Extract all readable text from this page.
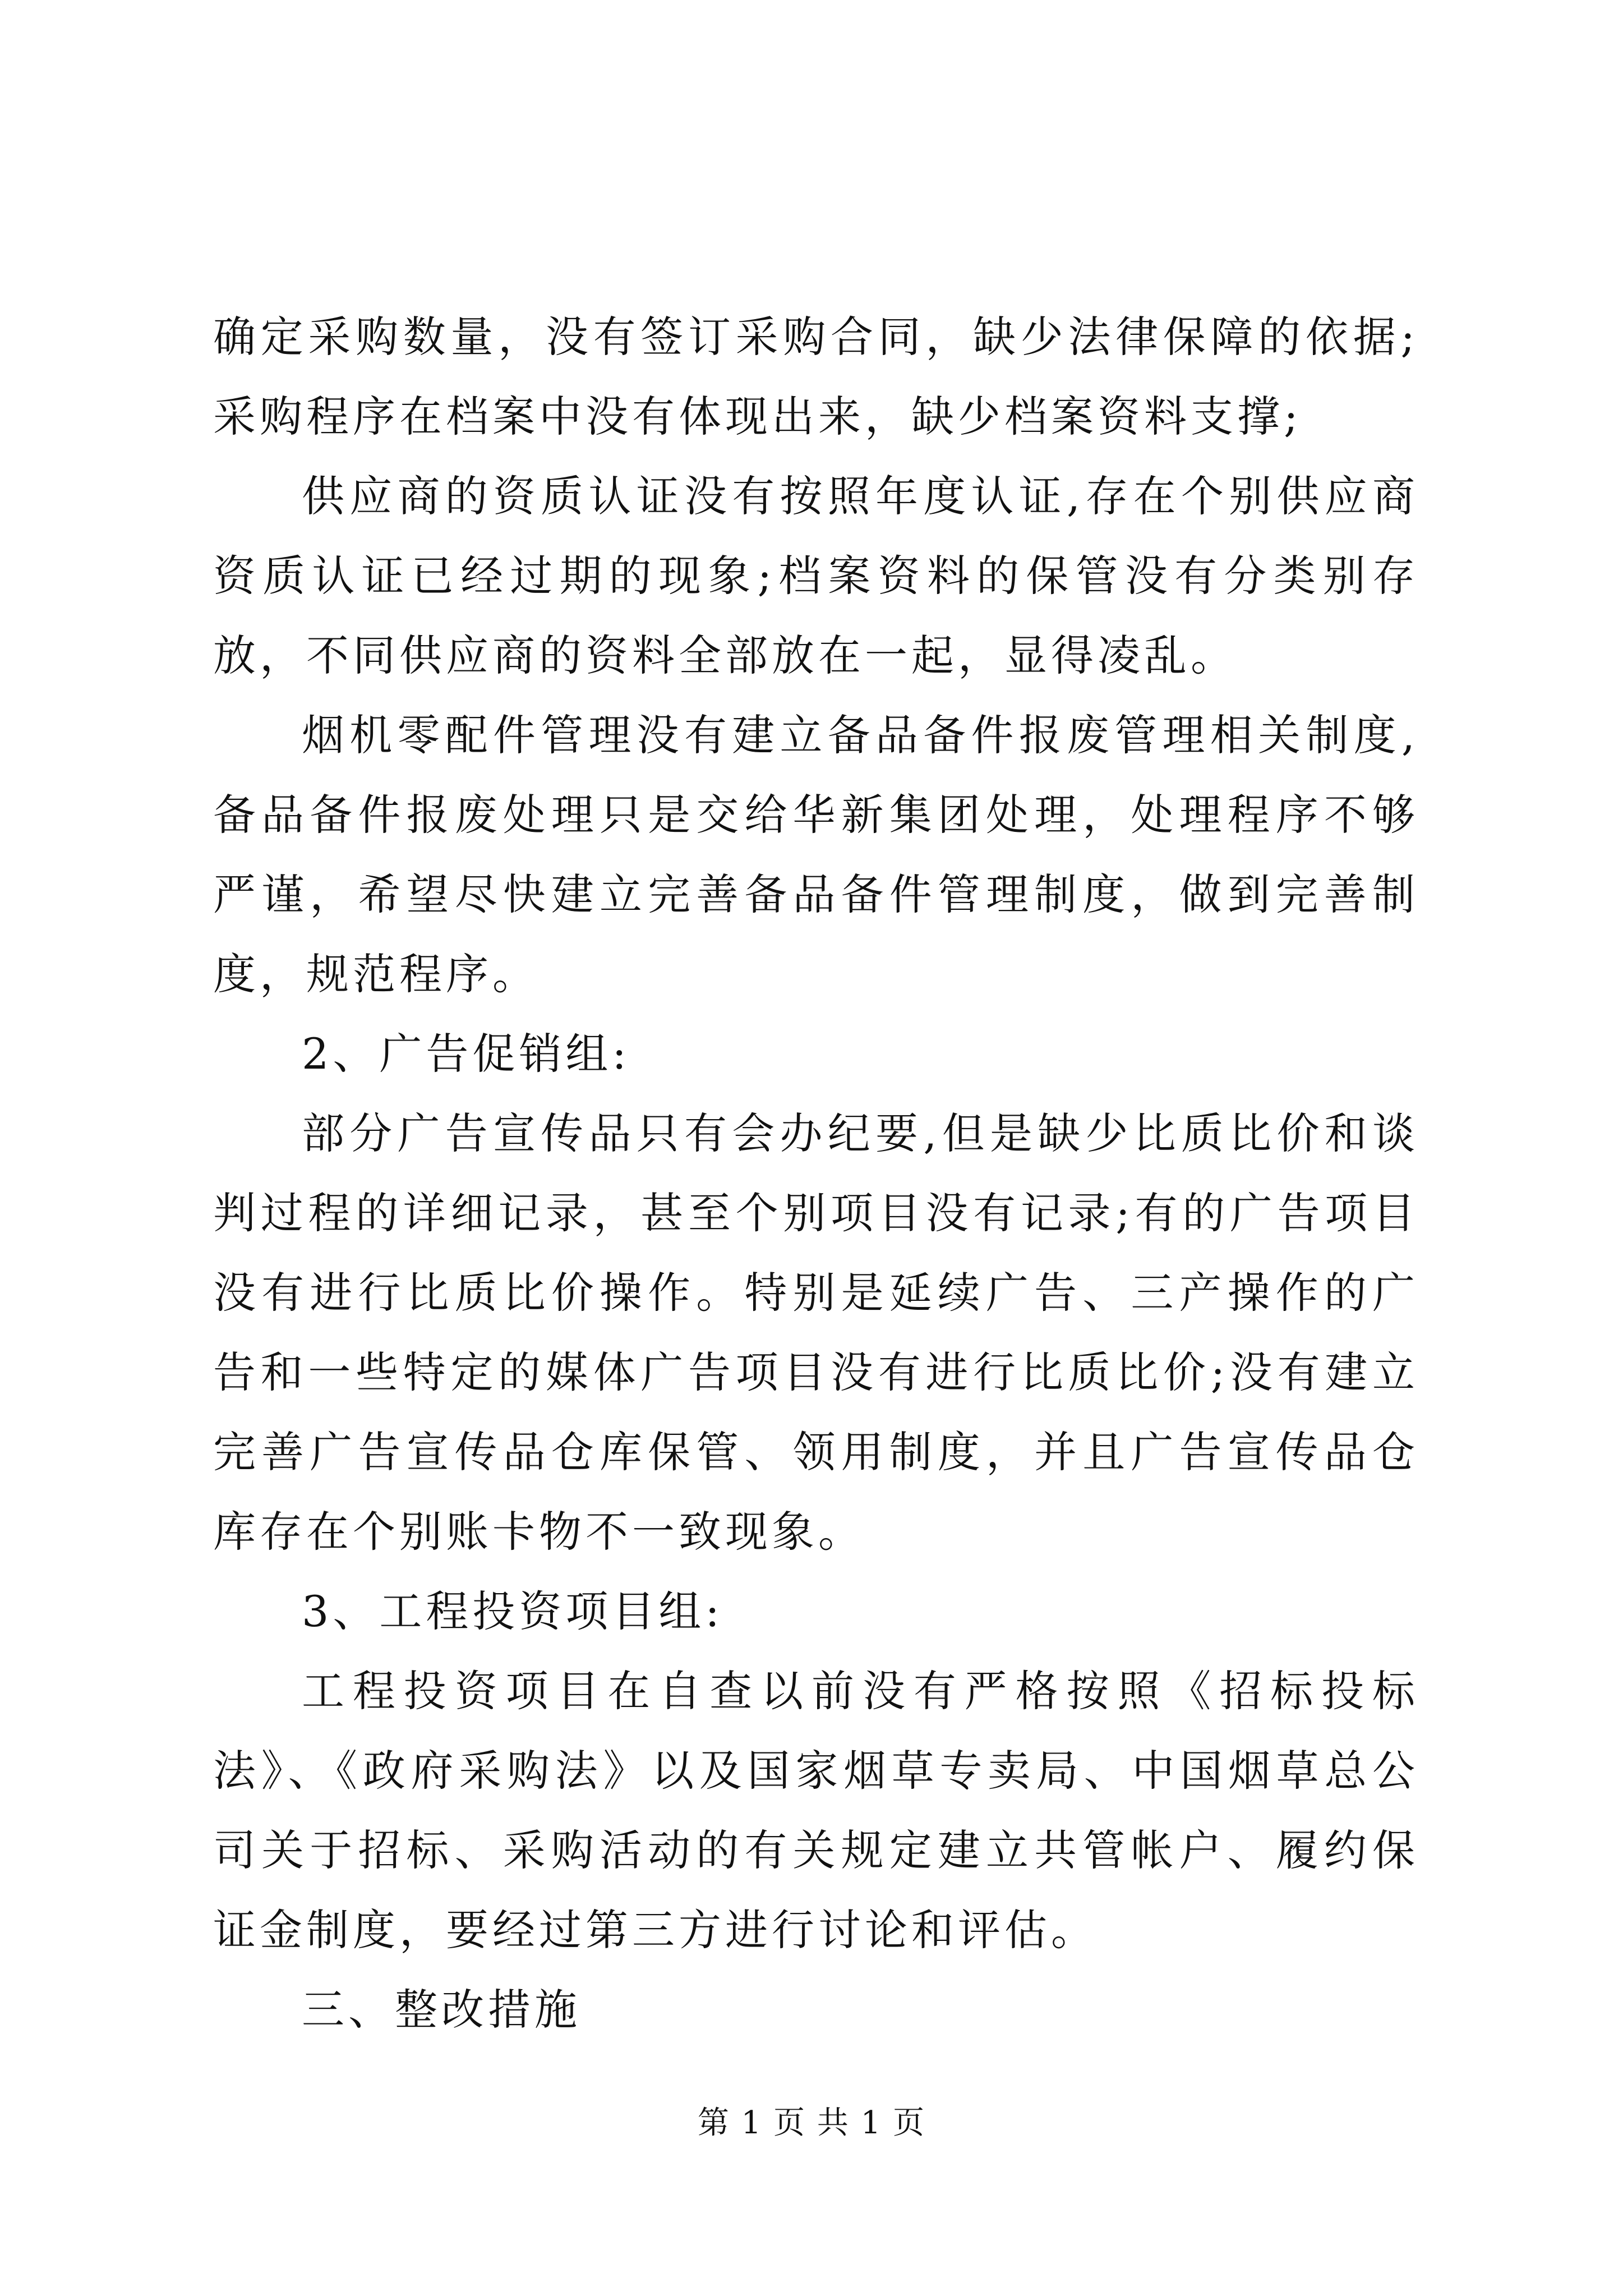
确定采购数量，没有签订采购合同，缺少法律保障的依据;采购程序在档案中没有体现出来，缺少档案资料支撑;

供应商的资质认证没有按照年度认证,存在个别供应商资质认证已经过期的现象;档案资料的保管没有分类别存放，不同供应商的资料全部放在一起，显得凌乱。

烟机零配件管理没有建立备品备件报废管理相关制度,备品备件报废处理只是交给华新集团处理，处理程序不够严谨，希望尽快建立完善备品备件管理制度，做到完善制度，规范程序。

2、广告促销组:

部分广告宣传品只有会办纪要,但是缺少比质比价和谈判过程的详细记录，甚至个别项目没有记录;有的广告项目没有进行比质比价操作。特别是延续广告、三产操作的广告和一些特定的媒体广告项目没有进行比质比价;没有建立完善广告宣传品仓库保管、领用制度，并且广告宣传品仓库存在个别账卡物不一致现象。

3、工程投资项目组:

工程投资项目在自查以前没有严格按照《招标投标法》、《政府采购法》以及国家烟草专卖局、中国烟草总公司关于招标、采购活动的有关规定建立共管帐户、履约保证金制度，要经过第三方进行讨论和评估。

三、整改措施

第 1 页 共 1 页
